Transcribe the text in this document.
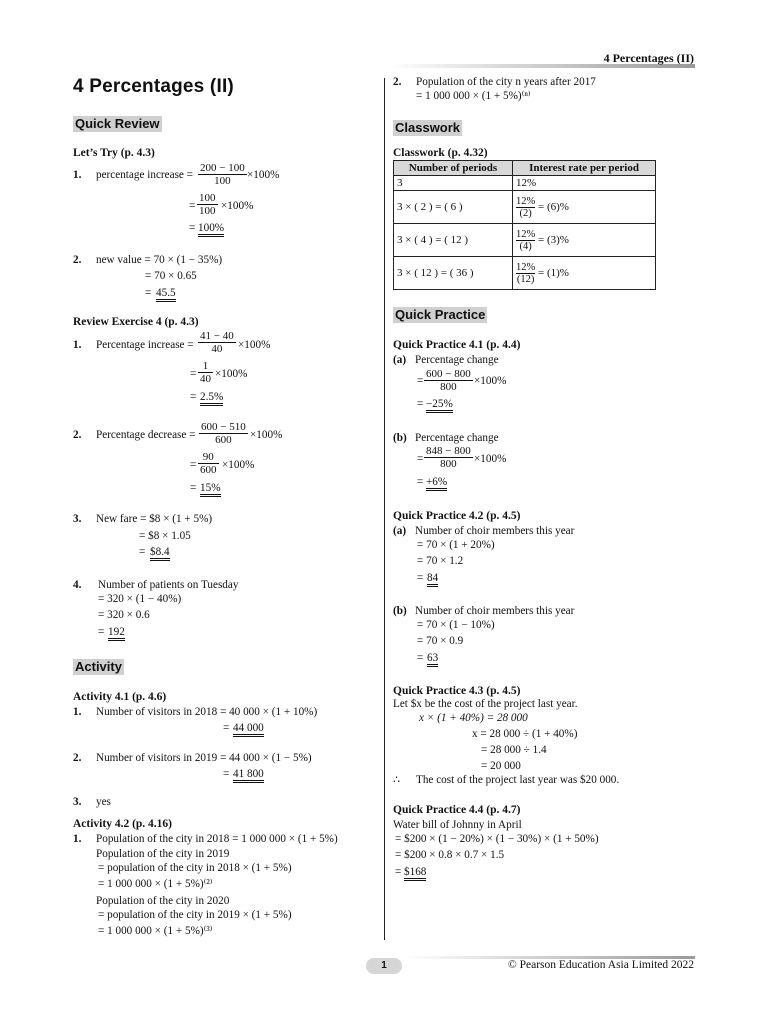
4 Percentages (II)
4 Percentages (II)
Quick Review
Let’s Try (p. 4.3)
1. percentage increase = $\frac{200 - 100}{100} \times 100\%$
= $\frac{100}{100} \times 100\%$
= 100%
2. new value = 70 × (1 − 35%)
= 70 × 0.65
= 45.5
Review Exercise 4 (p. 4.3)
1. Percentage increase = $\frac{41 - 40}{40} \times 100\%$
= $\frac{1}{40} \times 100\%$
= 2.5%
2. Percentage decrease = $\frac{600 - 510}{600} \times 100\%$
= $\frac{90}{600} \times 100\%$
= 15%
3. New fare = $8 × (1 + 5%)
= $8 × 1.05
= $8.4
4. Number of patients on Tuesday
= 320 × (1 − 40%)
= 320 × 0.6
= 192
Activity
Activity 4.1 (p. 4.6)
1. Number of visitors in 2018 = 40 000 × (1 + 10%)
= 44 000
2. Number of visitors in 2019 = 44 000 × (1 − 5%)
= 41 800
3. yes
Activity 4.2 (p. 4.16)
1. Population of the city in 2018 = 1 000 000 × (1 + 5%)
Population of the city in 2019
= population of the city in 2018 × (1 + 5%)
= 1 000 000 × (1 + 5%)⁽²⁾
Population of the city in 2020
= population of the city in 2019 × (1 + 5%)
= 1 000 000 × (1 + 5%)⁽³⁾
2. Population of the city n years after 2017
= 1 000 000 × (1 + 5%)⁽ⁿ⁾
Classwork
Classwork (p. 4.32)
Number of periods	Interest rate per period
3	12%
3 × ( 2 ) = ( 6 )	$\frac{12\%}{(2)} = (6)\%$
3 × ( 4 ) = ( 12 )	$\frac{12\%}{(4)} = (3)\%$
3 × ( 12 ) = ( 36 )	$\frac{12\%}{(12)} = (1)\%$
Quick Practice
Quick Practice 4.1 (p. 4.4)
(a) Percentage change
= $\frac{600 - 800}{800} \times 100\%$
= −25%
(b) Percentage change
= $\frac{848 - 800}{800} \times 100\%$
= +6%
Quick Practice 4.2 (p. 4.5)
(a) Number of choir members this year
= 70 × (1 + 20%)
= 70 × 1.2
= 84
(b) Number of choir members this year
= 70 × (1 − 10%)
= 70 × 0.9
= 63
Quick Practice 4.3 (p. 4.5)
Let $x be the cost of the project last year.
x × (1 + 40%) = 28 000
x = 28 000 ÷ (1 + 40%)
= 28 000 ÷ 1.4
= 20 000
∴ The cost of the project last year was $20 000.
Quick Practice 4.4 (p. 4.7)
Water bill of Johnny in April
= $200 × (1 − 20%) × (1 − 30%) × (1 + 50%)
= $200 × 0.8 × 0.7 × 1.5
= $168
1	© Pearson Education Asia Limited 2022
